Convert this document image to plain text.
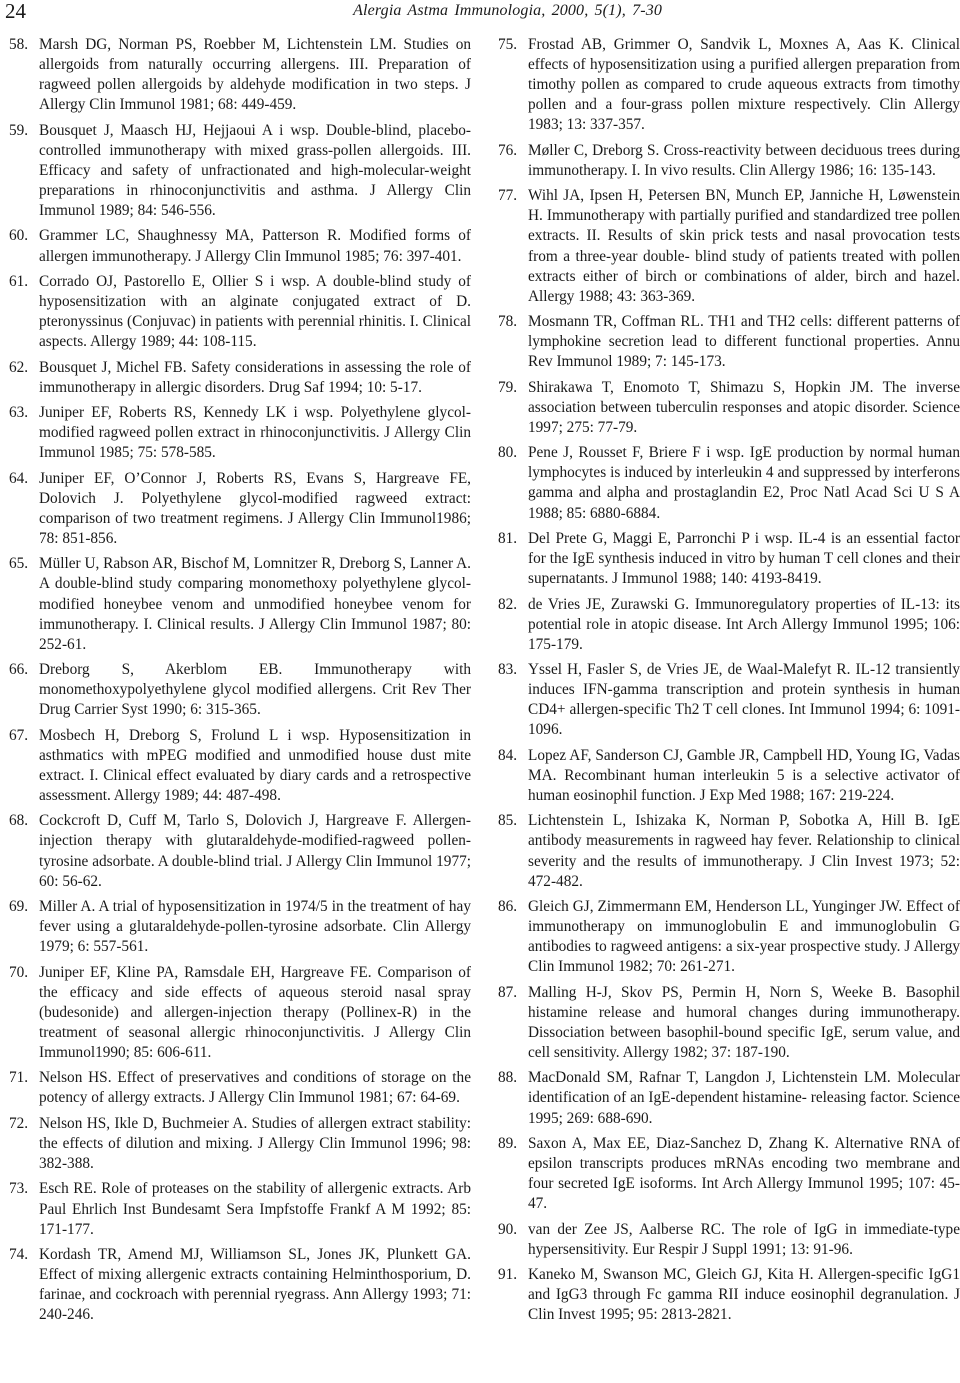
24	Alergia Astma Immunologia, 2000, 5(1), 7-30
58. Marsh DG, Norman PS, Roebber M, Lichtenstein LM. Studies on allergoids from naturally occurring allergens. III. Preparation of ragweed pollen allergoids by aldehyde modification in two steps. J Allergy Clin Immunol 1981; 68: 449-459.
59. Bousquet J, Maasch HJ, Hejjaoui A i wsp. Double-blind, placebo-controlled immunotherapy with mixed grass-pollen allergoids. III. Efficacy and safety of unfractionated and high-molecular-weight preparations in rhinoconjunctivitis and asthma. J Allergy Clin Immunol 1989; 84: 546-556.
60. Grammer LC, Shaughnessy MA, Patterson R. Modified forms of allergen immunotherapy. J Allergy Clin Immunol 1985; 76: 397-401.
61. Corrado OJ, Pastorello E, Ollier S i wsp. A double-blind study of hyposensitization with an alginate conjugated extract of D. pteronyssinus (Conjuvac) in patients with perennial rhinitis. I. Clinical aspects. Allergy 1989; 44: 108-115.
62. Bousquet J, Michel FB. Safety considerations in assessing the role of immunotherapy in allergic disorders. Drug Saf 1994; 10: 5-17.
63. Juniper EF, Roberts RS, Kennedy LK i wsp. Polyethylene glycol-modified ragweed pollen extract in rhinoconjunctivitis. J Allergy Clin Immunol 1985; 75: 578-585.
64. Juniper EF, O’Connor J, Roberts RS, Evans S, Hargreave FE, Dolovich J. Polyethylene glycol-modified ragweed extract: comparison of two treatment regimens. J Allergy Clin Immunol1986; 78: 851-856.
65. Müller U, Rabson AR, Bischof M, Lomnitzer R, Dreborg S, Lanner A. A double-blind study comparing monomethoxy polyethylene glycol-modified honeybee venom and unmodified honeybee venom for immunotherapy. I. Clinical results. J Allergy Clin Immunol 1987; 80: 252-61.
66. Dreborg S, Akerblom EB. Immunotherapy with monomethoxypolyethylene glycol modified allergens. Crit Rev Ther Drug Carrier Syst 1990; 6: 315-365.
67. Mosbech H, Dreborg S, Frolund L i wsp. Hyposensitization in asthmatics with mPEG modified and unmodified house dust mite extract. I. Clinical effect evaluated by diary cards and a retrospective assessment. Allergy 1989; 44: 487-498.
68. Cockcroft D, Cuff M, Tarlo S, Dolovich J, Hargreave F. Allergen-injection therapy with glutaraldehyde-modified-ragweed pollen-tyrosine adsorbate. A double-blind trial. J Allergy Clin Immunol 1977; 60: 56-62.
69. Miller A. A trial of hyposensitization in 1974/5 in the treatment of hay fever using a glutaraldehyde-pollen-tyrosine adsorbate. Clin Allergy 1979; 6: 557-561.
70. Juniper EF, Kline PA, Ramsdale EH, Hargreave FE. Comparison of the efficacy and side effects of aqueous steroid nasal spray (budesonide) and allergen-injection therapy (Pollinex-R) in the treatment of seasonal allergic rhinoconjunctivitis. J Allergy Clin Immunol1990; 85: 606-611.
71. Nelson HS. Effect of preservatives and conditions of storage on the potency of allergy extracts. J Allergy Clin Immunol 1981; 67: 64-69.
72. Nelson HS, Ikle D, Buchmeier A. Studies of allergen extract stability: the effects of dilution and mixing. J Allergy Clin Immunol 1996; 98: 382-388.
73. Esch RE. Role of proteases on the stability of allergenic extracts. Arb Paul Ehrlich Inst Bundesamt Sera Impfstoffe Frankf A M 1992; 85: 171-177.
74. Kordash TR, Amend MJ, Williamson SL, Jones JK, Plunkett GA. Effect of mixing allergenic extracts containing Helminthosporium, D. farinae, and cockroach with perennial ryegrass. Ann Allergy 1993; 71: 240-246.
75. Frostad AB, Grimmer O, Sandvik L, Moxnes A, Aas K. Clinical effects of hyposensitization using a purified allergen preparation from timothy pollen as compared to crude aqueous extracts from timothy pollen and a four-grass pollen mixture respectively. Clin Allergy 1983; 13: 337-357.
76. Møller C, Dreborg S. Cross-reactivity between deciduous trees during immunotherapy. I. In vivo results. Clin Allergy 1986; 16: 135-143.
77. Wihl JA, Ipsen H, Petersen BN, Munch EP, Janniche H, Løwenstein H. Immunotherapy with partially purified and standardized tree pollen extracts. II. Results of skin prick tests and nasal provocation tests from a three-year double- blind study of patients treated with pollen extracts either of birch or combinations of alder, birch and hazel. Allergy 1988; 43: 363-369.
78. Mosmann TR, Coffman RL. TH1 and TH2 cells: different patterns of lymphokine secretion lead to different functional properties. Annu Rev Immunol 1989; 7: 145-173.
79. Shirakawa T, Enomoto T, Shimazu S, Hopkin JM. The inverse association between tuberculin responses and atopic disorder. Science 1997; 275: 77-79.
80. Pene J, Rousset F, Briere F i wsp. IgE production by normal human lymphocytes is induced by interleukin 4 and suppressed by interferons gamma and alpha and prostaglandin E2, Proc Natl Acad Sci U S A 1988; 85: 6880-6884.
81. Del Prete G, Maggi E, Parronchi P i wsp. IL-4 is an essential factor for the IgE synthesis induced in vitro by human T cell clones and their supernatants. J Immunol 1988; 140: 4193-8419.
82. de Vries JE, Zurawski G. Immunoregulatory properties of IL-13: its potential role in atopic disease. Int Arch Allergy Immunol 1995; 106: 175-179.
83. Yssel H, Fasler S, de Vries JE, de Waal-Malefyt R. IL-12 transiently induces IFN-gamma transcription and protein synthesis in human CD4+ allergen-specific Th2 T cell clones. Int Immunol 1994; 6: 1091-1096.
84. Lopez AF, Sanderson CJ, Gamble JR, Campbell HD, Young IG, Vadas MA. Recombinant human interleukin 5 is a selective activator of human eosinophil function. J Exp Med 1988; 167: 219-224.
85. Lichtenstein L, Ishizaka K, Norman P, Sobotka A, Hill B. IgE antibody measurements in ragweed hay fever. Relationship to clinical severity and the results of immunotherapy. J Clin Invest 1973; 52: 472-482.
86. Gleich GJ, Zimmermann EM, Henderson LL, Yunginger JW. Effect of immunotherapy on immunoglobulin E and immunoglobulin G antibodies to ragweed antigens: a six-year prospective study. J Allergy Clin Immunol 1982; 70: 261-271.
87. Malling H-J, Skov PS, Permin H, Norn S, Weeke B. Basophil histamine release and humoral changes during immunotherapy. Dissociation between basophil-bound specific IgE, serum value, and cell sensitivity. Allergy 1982; 37: 187-190.
88. MacDonald SM, Rafnar T, Langdon J, Lichtenstein LM. Molecular identification of an IgE-dependent histamine- releasing factor. Science 1995; 269: 688-690.
89. Saxon A, Max EE, Diaz-Sanchez D, Zhang K. Alternative RNA of epsilon transcripts produces mRNAs encoding two membrane and four secreted IgE isoforms. Int Arch Allergy Immunol 1995; 107: 45-47.
90. van der Zee JS, Aalberse RC. The role of IgG in immediate-type hypersensitivity. Eur Respir J Suppl 1991; 13: 91-96.
91. Kaneko M, Swanson MC, Gleich GJ, Kita H. Allergen-specific IgG1 and IgG3 through Fc gamma RII induce eosinophil degranulation. J Clin Invest 1995; 95: 2813-2821.
